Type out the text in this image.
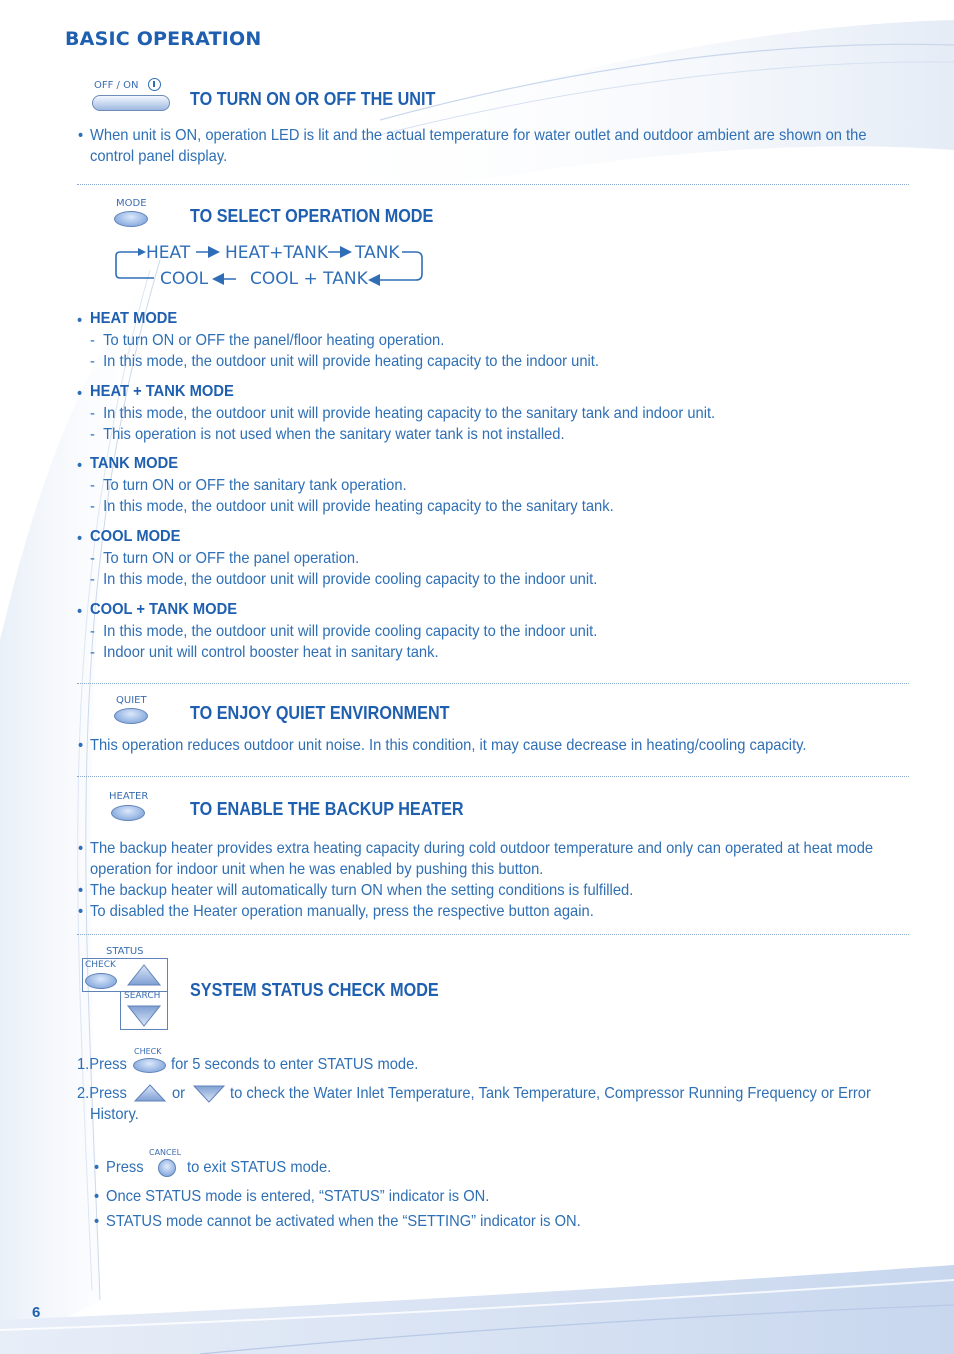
BASIC OPERATION
OFF / ON
TO TURN ON OR OFF THE UNIT
• When unit is ON, operation LED is lit and the actual temperature for water outlet and outdoor ambient are shown on the
control panel display.
MODE
TO SELECT OPERATION MODE
HEAT HEAT+TANK TANK
COOL COOL + TANK
• HEAT MODE
-  To turn ON or OFF the panel/floor heating operation.
-  In this mode, the outdoor unit will provide heating capacity to the indoor unit.
• HEAT + TANK MODE
-  In this mode, the outdoor unit will provide heating capacity to the sanitary tank and indoor unit.
-  This operation is not used when the sanitary water tank is not installed.
• TANK MODE
-  To turn ON or OFF the sanitary tank operation.
-  In this mode, the outdoor unit will provide heating capacity to the sanitary tank.
• COOL MODE
-  To turn ON or OFF the panel operation.
-  In this mode, the outdoor unit will provide cooling capacity to the indoor unit.
• COOL + TANK MODE
-  In this mode, the outdoor unit will provide cooling capacity to the indoor unit.
-  Indoor unit will control booster heat in sanitary tank.
QUIET
TO ENJOY QUIET ENVIRONMENT
• This operation reduces outdoor unit noise. In this condition, it may cause decrease in heating/cooling capacity.
HEATER
TO ENABLE THE BACKUP HEATER
• The backup heater provides extra heating capacity during cold outdoor temperature and only can operated at heat mode
operation for indoor unit when he was enabled by pushing this button.
• The backup heater will automatically turn ON when the setting conditions is fulfilled.
• To disabled the Heater operation manually, press the respective button again.
STATUS
CHECK
SEARCH SYSTEM STATUS CHECK MODE
1.Press
CHECK
for 5 seconds to enter STATUS mode.
2.Press	or	to check the Water Inlet Temperature, Tank Temperature, Compressor Running Frequency or Error
History.
• Press
CANCEL
to exit STATUS mode.
• Once STATUS mode is entered, “STATUS” indicator is ON.
• STATUS mode cannot be activated when the “SETTING” indicator is ON.
6
